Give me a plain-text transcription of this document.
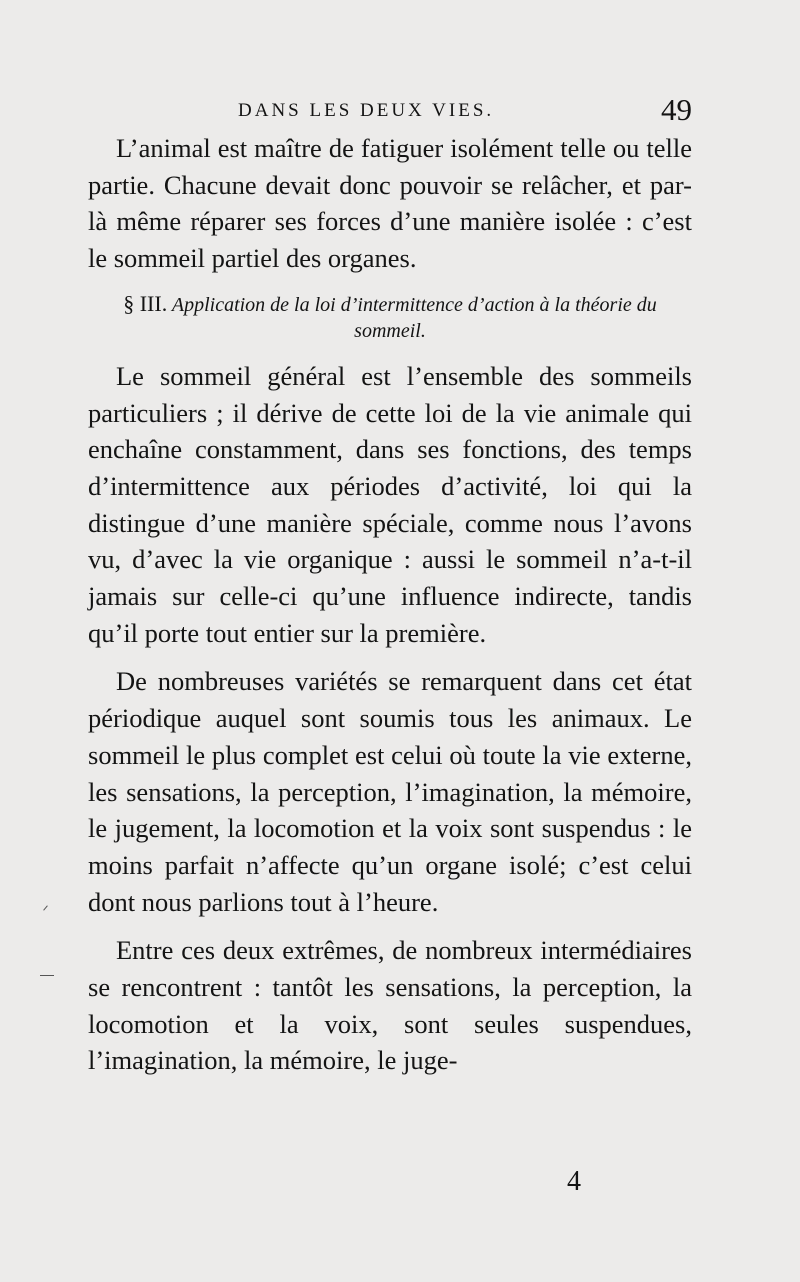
DANS LES DEUX VIES.	49

L’animal est maître de fatiguer isolément telle ou telle partie. Chacune devait donc pouvoir se relâcher, et par-là même réparer ses forces d’une manière isolée : c’est le sommeil partiel des organes.

§ III. Application de la loi d’intermittence d’action à la théorie du sommeil.

Le sommeil général est l’ensemble des sommeils particuliers ; il dérive de cette loi de la vie animale qui enchaîne constamment, dans ses fonctions, des temps d’intermittence aux périodes d’activité, loi qui la distingue d’une manière spéciale, comme nous l’avons vu, d’avec la vie organique : aussi le sommeil n’a-t-il jamais sur celle-ci qu’une influence indirecte, tandis qu’il porte tout entier sur la première.

De nombreuses variétés se remarquent dans cet état périodique auquel sont soumis tous les animaux. Le sommeil le plus complet est celui où toute la vie externe, les sensations, la perception, l’imagination, la mémoire, le jugement, la locomotion et la voix sont suspendus : le moins parfait n’affecte qu’un organe isolé; c’est celui dont nous parlions tout à l’heure.

Entre ces deux extrêmes, de nombreux intermédiaires se rencontrent : tantôt les sensations, la perception, la locomotion et la voix, sont seules suspendues, l’imagination, la mémoire, le juge-

4
